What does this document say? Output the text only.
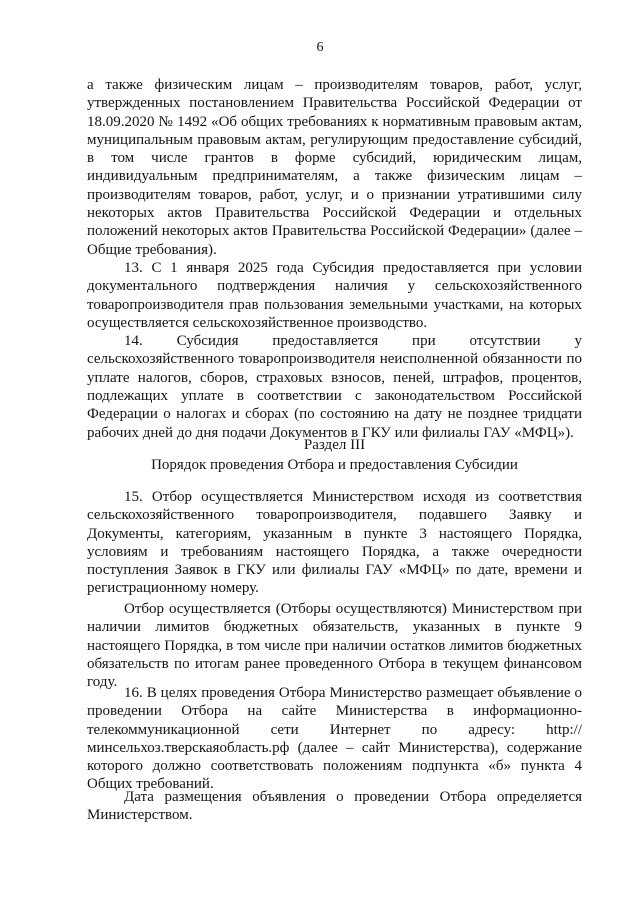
6

а также физическим лицам – производителям товаров, работ, услуг, утвержденных постановлением Правительства Российской Федерации от 18.09.2020 № 1492 «Об общих требованиях к нормативным правовым актам, муниципальным правовым актам, регулирующим предоставление субсидий, в том числе грантов в форме субсидий, юридическим лицам, индивидуальным предпринимателям, а также физическим лицам – производителям товаров, работ, услуг, и о признании утратившими силу некоторых актов Правительства Российской Федерации и отдельных положений некоторых актов Правительства Российской Федерации» (далее – Общие требования).

13. С 1 января 2025 года Субсидия предоставляется при условии документального подтверждения наличия у сельскохозяйственного товаропроизводителя прав пользования земельными участками, на которых осуществляется сельскохозяйственное производство.

14. Субсидия предоставляется при отсутствии у сельскохозяйственного товаропроизводителя неисполненной обязанности по уплате налогов, сборов, страховых взносов, пеней, штрафов, процентов, подлежащих уплате в соответствии с законодательством Российской Федерации о налогах и сборах (по состоянию на дату не позднее тридцати рабочих дней до дня подачи Документов в ГКУ или филиалы ГАУ «МФЦ»).

Раздел III
Порядок проведения Отбора и предоставления Субсидии

15. Отбор осуществляется Министерством исходя из соответствия сельскохозяйственного товаропроизводителя, подавшего Заявку и Документы, категориям, указанным в пункте 3 настоящего Порядка, условиям и требованиям настоящего Порядка, а также очередности поступления Заявок в ГКУ или филиалы ГАУ «МФЦ» по дате, времени и регистрационному номеру.

Отбор осуществляется (Отборы осуществляются) Министерством при наличии лимитов бюджетных обязательств, указанных в пункте 9 настоящего Порядка, в том числе при наличии остатков лимитов бюджетных обязательств по итогам ранее проведенного Отбора в текущем финансовом году.

16. В целях проведения Отбора Министерство размещает объявление о проведении Отбора на сайте Министерства в информационно-телекоммуникационной сети Интернет по адресу: http://минсельхоз.тверскаяобласть.рф (далее – сайт Министерства), содержание которого должно соответствовать положениям подпункта «б» пункта 4 Общих требований.

Дата размещения объявления о проведении Отбора определяется Министерством.
